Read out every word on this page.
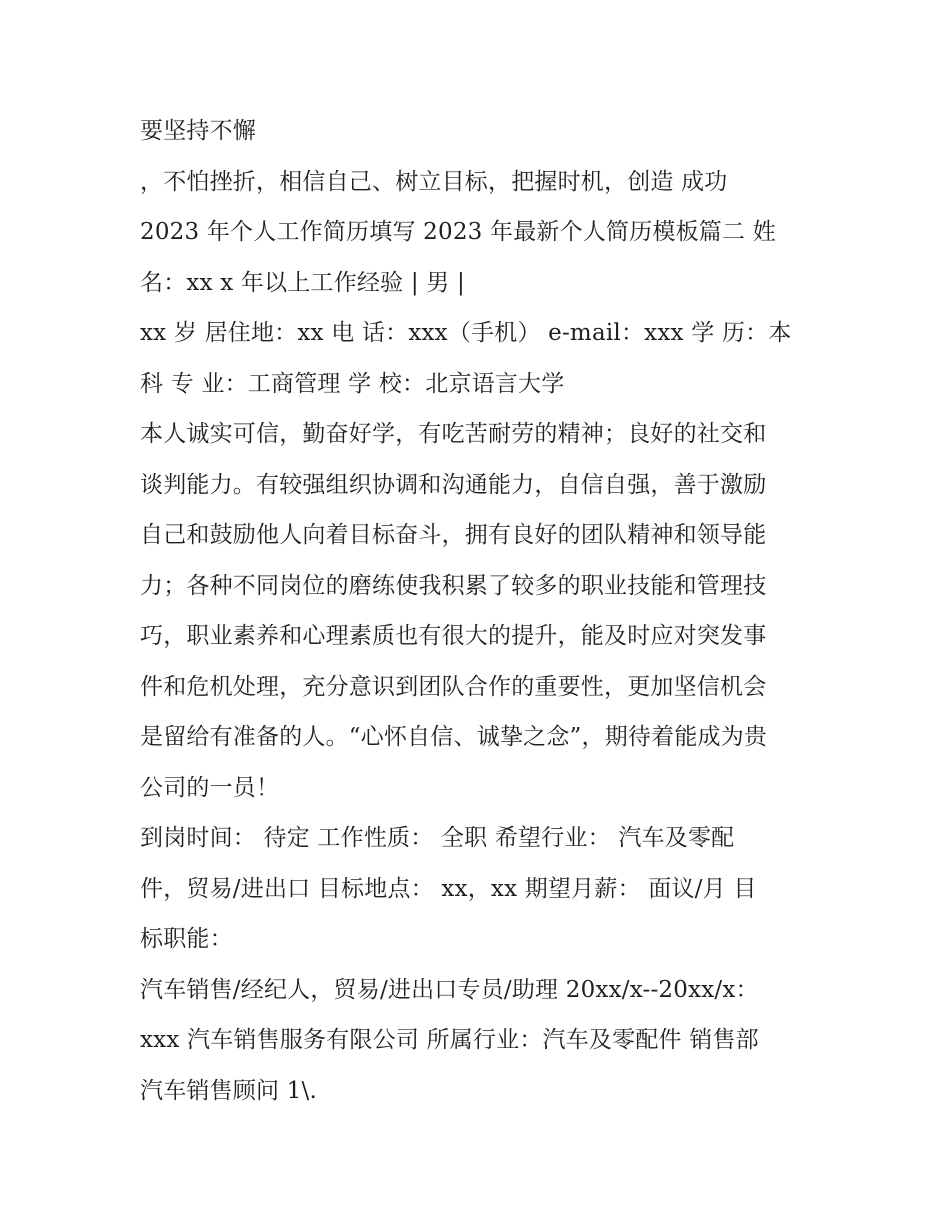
要坚持不懈
，不怕挫折，相信自己、树立目标，把握时机，创造 成功
2023 年个人工作简历填写 2023 年最新个人简历模板篇二 姓
名：xx x 年以上工作经验 | 男 |
xx 岁 居住地：xx 电 话：xxx（手机） e-mail：xxx 学 历：本
科 专 业：工商管理 学 校：北京语言大学
本人诚实可信，勤奋好学，有吃苦耐劳的精神；良好的社交和
谈判能力。有较强组织协调和沟通能力，自信自强，善于激励
自己和鼓励他人向着目标奋斗，拥有良好的团队精神和领导能
力；各种不同岗位的磨练使我积累了较多的职业技能和管理技
巧，职业素养和心理素质也有很大的提升，能及时应对突发事
件和危机处理，充分意识到团队合作的重要性，更加坚信机会
是留给有准备的人。“心怀自信、诚挚之念”，期待着能成为贵
公司的一员！
到岗时间： 待定 工作性质： 全职 希望行业： 汽车及零配
件，贸易/进出口 目标地点： xx，xx 期望月薪： 面议/月 目
标职能：
汽车销售/经纪人，贸易/进出口专员/助理 20xx/x--20xx/x：
xxx 汽车销售服务有限公司 所属行业：汽车及零配件 销售部
汽车销售顾问 1\.
